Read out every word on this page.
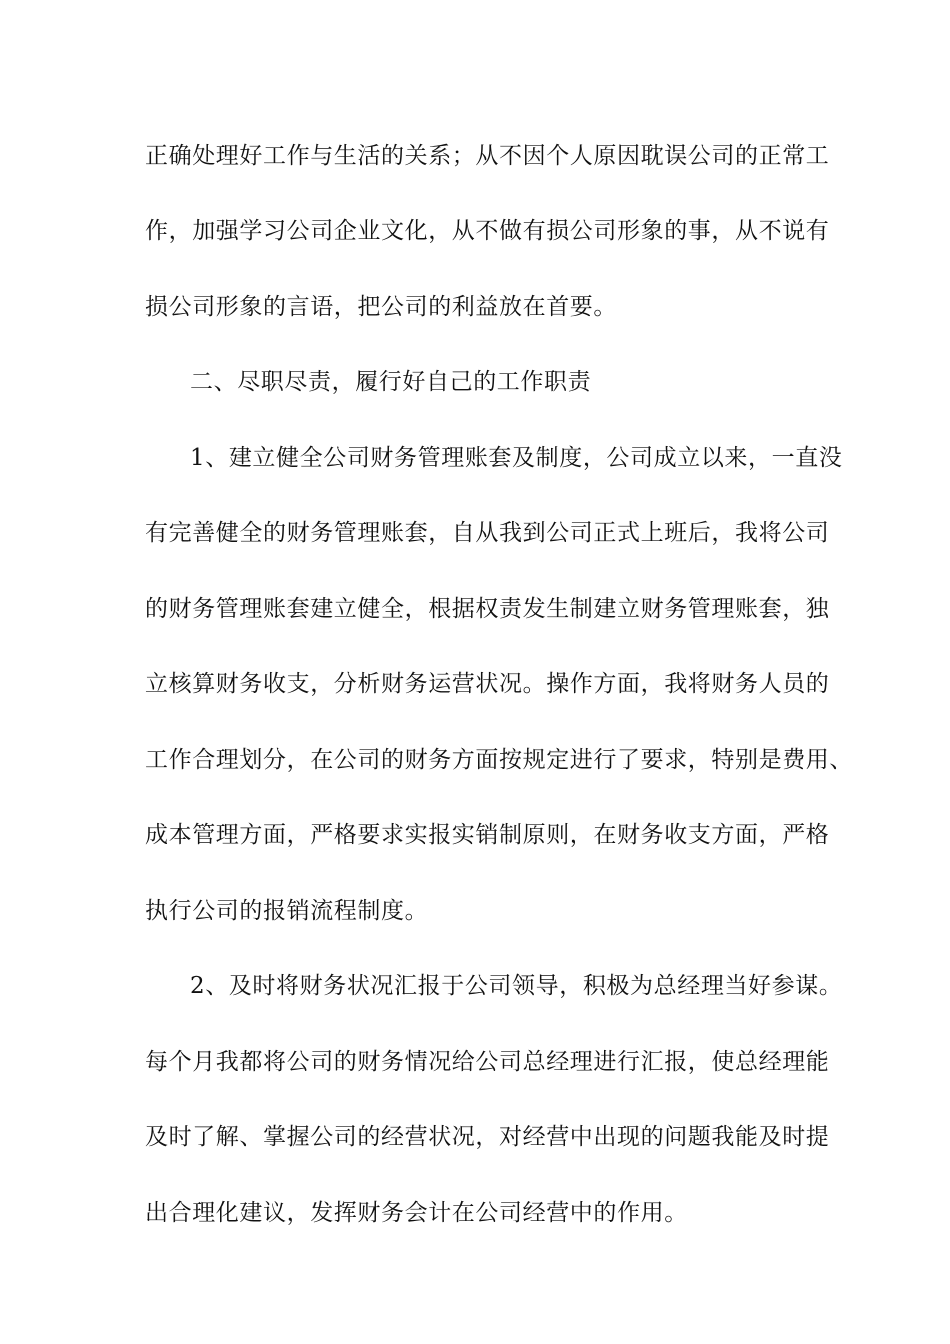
正确处理好工作与生活的关系；从不因个人原因耽误公司的正常工
作，加强学习公司企业文化，从不做有损公司形象的事，从不说有
损公司形象的言语，把公司的利益放在首要。
二、尽职尽责，履行好自己的工作职责
1、建立健全公司财务管理账套及制度，公司成立以来，一直没
有完善健全的财务管理账套，自从我到公司正式上班后，我将公司
的财务管理账套建立健全，根据权责发生制建立财务管理账套，独
立核算财务收支，分析财务运营状况。操作方面，我将财务人员的
工作合理划分，在公司的财务方面按规定进行了要求，特别是费用、
成本管理方面，严格要求实报实销制原则，在财务收支方面，严格
执行公司的报销流程制度。
2、及时将财务状况汇报于公司领导，积极为总经理当好参谋。
每个月我都将公司的财务情况给公司总经理进行汇报，使总经理能
及时了解、掌握公司的经营状况，对经营中出现的问题我能及时提
出合理化建议，发挥财务会计在公司经营中的作用。
